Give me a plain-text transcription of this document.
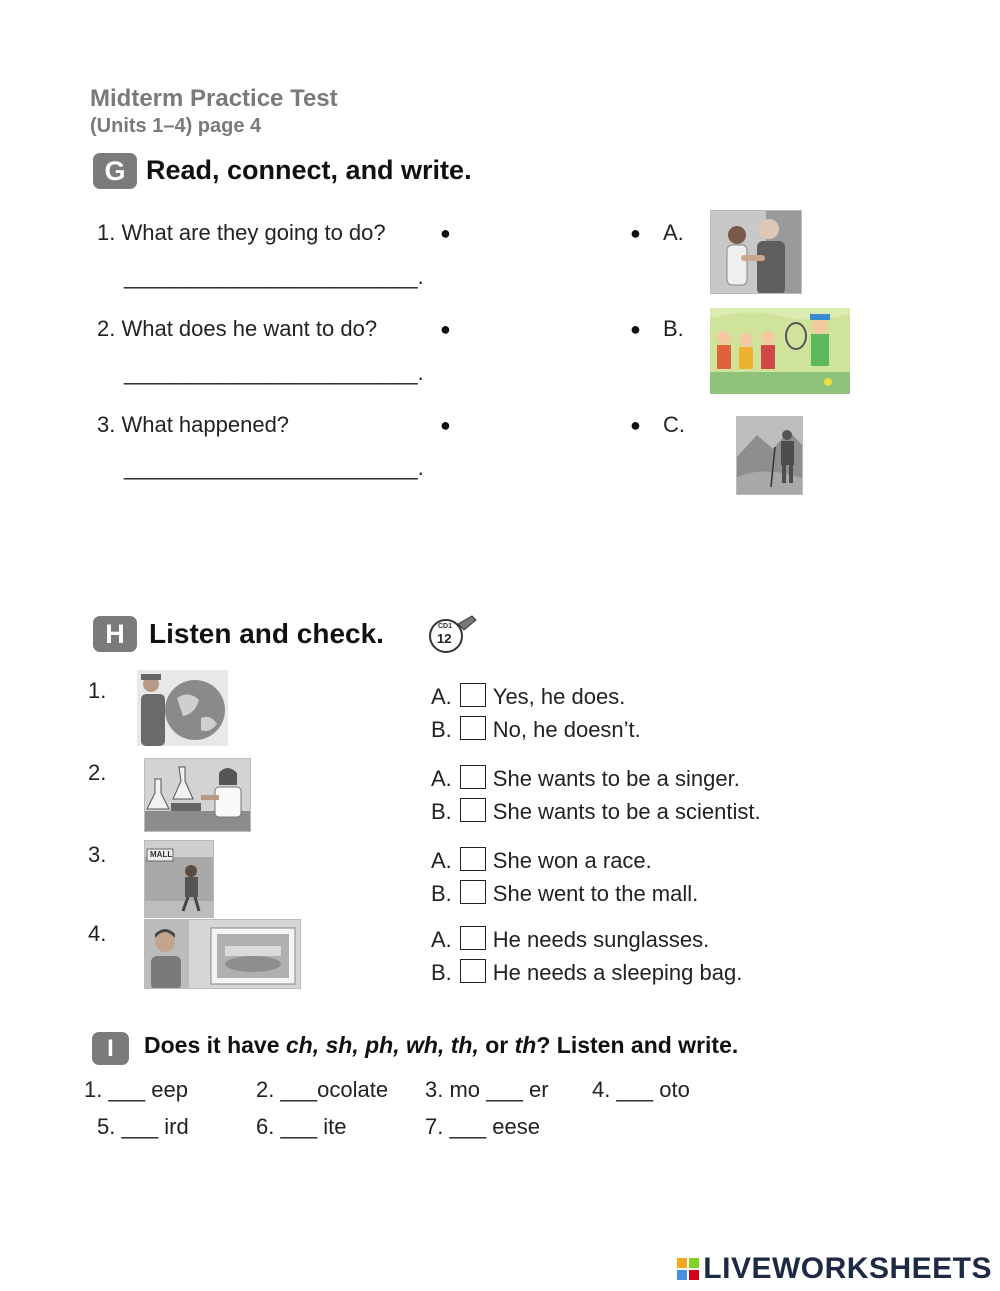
Midterm Practice Test
(Units 1–4) page 4
G Read, connect, and write.
1. What are they going to do?	●
________________________.
2. What does he want to do?	●
________________________.
3. What happened?	●
________________________.
● A.
● B.
● C.
H Listen and check.	CD1
12
1.	A. Yes, he does.
B. No, he doesn’t.
2.	A. She wants to be a singer.
B. She wants to be a scientist.
3.	MALL	A. She won a race.
B. She went to the mall.
4.	A. He needs sunglasses.
B. He needs a sleeping bag.
I	Does it have ch, sh, ph, wh, th, or th? Listen and write.
1. ___ eep	2. ___ocolate 3. mo ___ er 4. ___ oto
5. ___ ird	6. ___ ite	7. ___ eese
LIVEWORKSHEETS
